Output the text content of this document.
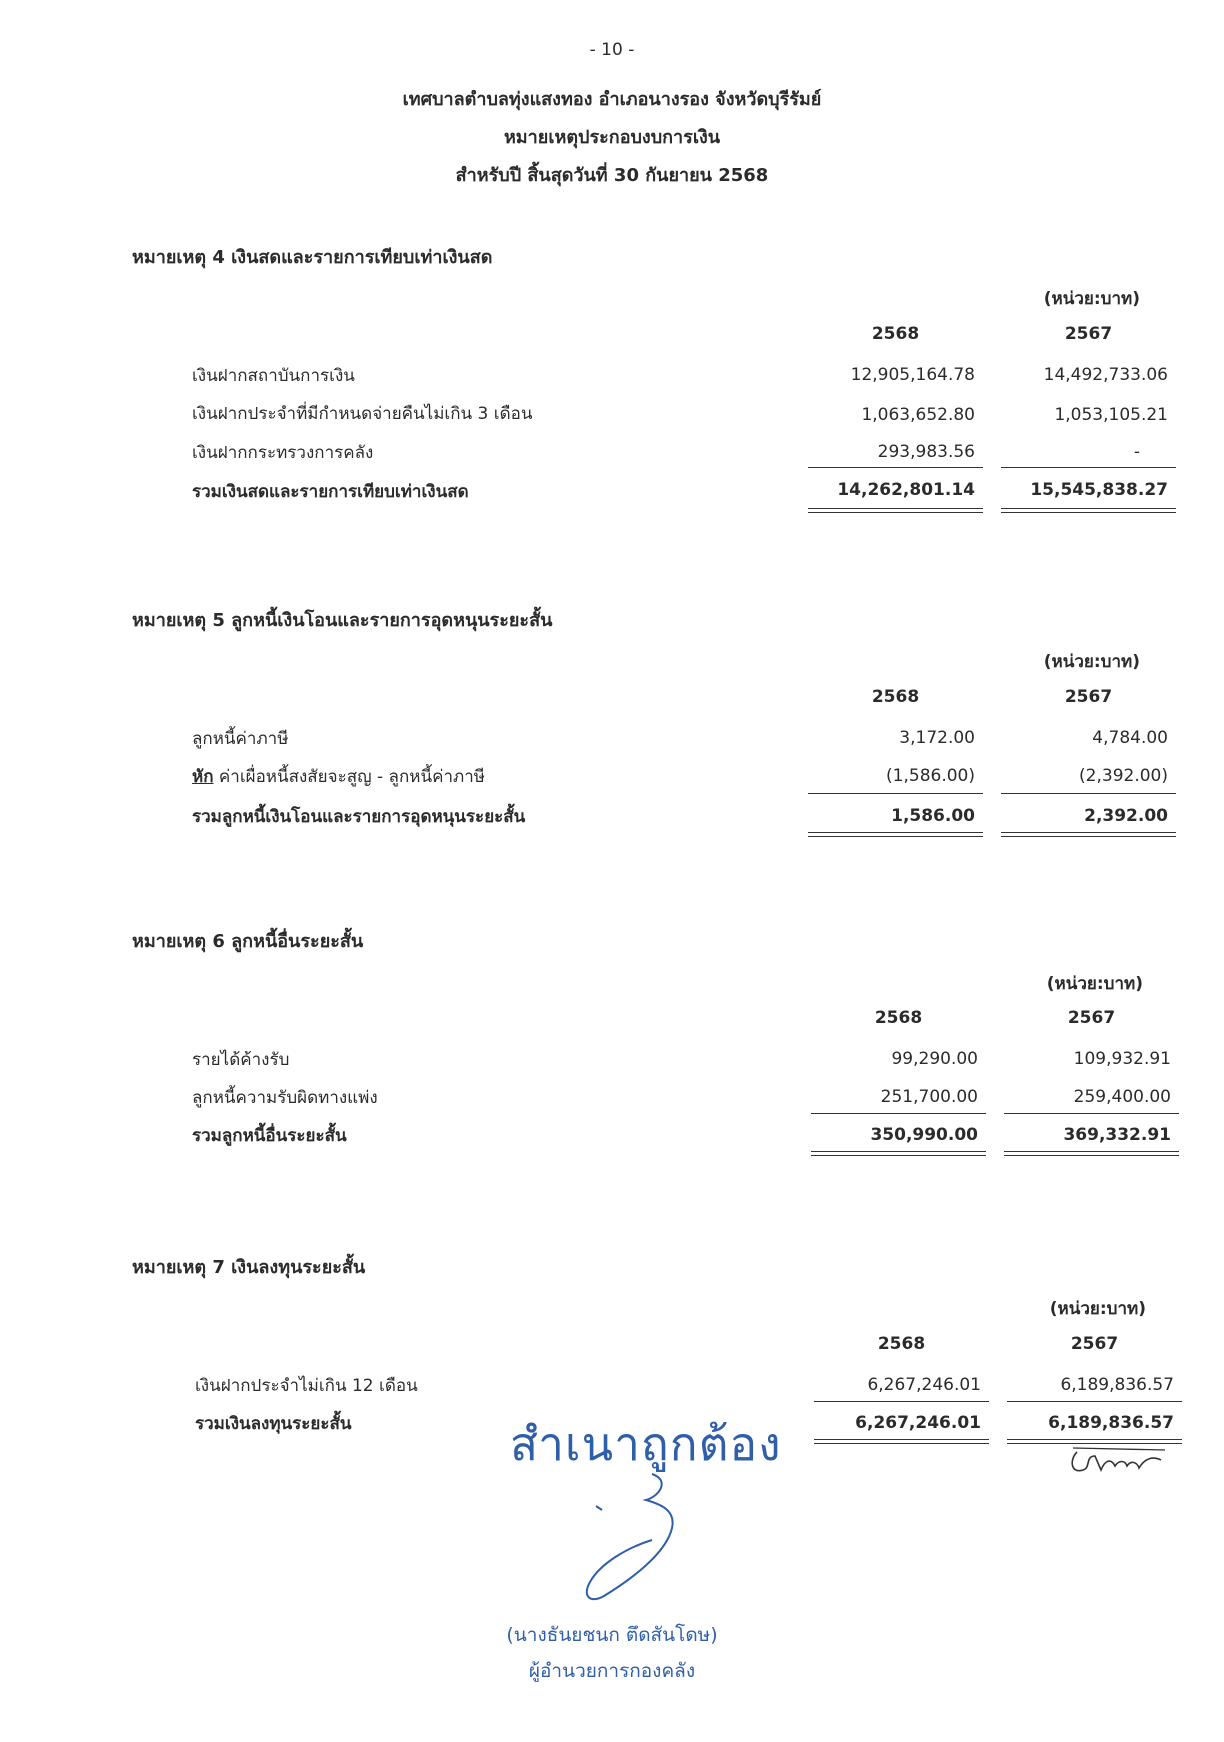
- 10 -
เทศบาลตำบลทุ่งแสงทอง อำเภอนางรอง จังหวัดบุรีรัมย์
หมายเหตุประกอบงบการเงิน
สำหรับปี สิ้นสุดวันที่ 30 กันยายน 2568
หมายเหตุ 4 เงินสดและรายการเทียบเท่าเงินสด
(หน่วย:บาท)
2568	2567
เงินฝากสถาบันการเงิน	12,905,164.78	14,492,733.06
เงินฝากประจำที่มีกำหนดจ่ายคืนไม่เกิน 3 เดือน	1,063,652.80	1,053,105.21
เงินฝากกระทรวงการคลัง	293,983.56	-
รวมเงินสดและรายการเทียบเท่าเงินสด	14,262,801.14	15,545,838.27
หมายเหตุ 5 ลูกหนี้เงินโอนและรายการอุดหนุนระยะสั้น
(หน่วย:บาท)
2568	2567
ลูกหนี้ค่าภาษี	3,172.00	4,784.00
หัก ค่าเผื่อหนี้สงสัยจะสูญ - ลูกหนี้ค่าภาษี	(1,586.00)	(2,392.00)
รวมลูกหนี้เงินโอนและรายการอุดหนุนระยะสั้น	1,586.00	2,392.00
หมายเหตุ 6 ลูกหนี้อื่นระยะสั้น
(หน่วย:บาท)
2568	2567
รายได้ค้างรับ	99,290.00	109,932.91
ลูกหนี้ความรับผิดทางแพ่ง	251,700.00	259,400.00
รวมลูกหนี้อื่นระยะสั้น	350,990.00	369,332.91
หมายเหตุ 7 เงินลงทุนระยะสั้น
(หน่วย:บาท)
2568	2567
เงินฝากประจำไม่เกิน 12 เดือน	6,267,246.01	6,189,836.57
รวมเงินลงทุนระยะสั้น	6,267,246.01	6,189,836.57
สำเนาถูกต้อง
(นางธันยชนก ตึดสันโดษ)
ผู้อำนวยการกองคลัง
